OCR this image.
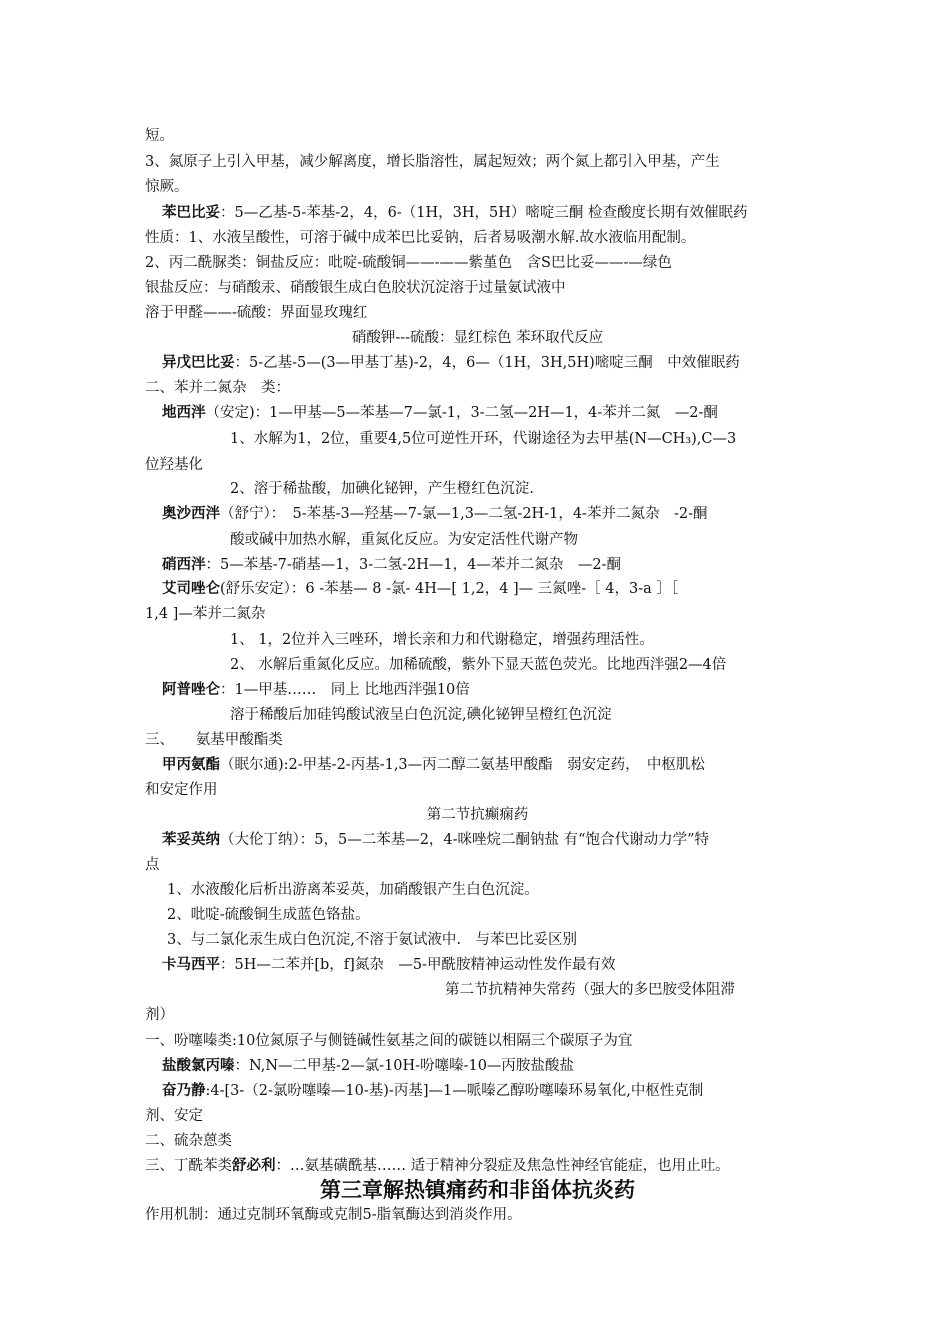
短。
3、氮原子上引入甲基，减少解离度，增长脂溶性，属起短效；两个氮上都引入甲基，产生
惊厥。
苯巴比妥：5—乙基-5-苯基-2，4，6-（1H，3H，5H）嘧啶三酮 检查酸度长期有效催眠药
性质：1、水液呈酸性，可溶于碱中成苯巴比妥钠，后者易吸潮水解.故水液临用配制。
2、丙二酰脲类：铜盐反应：吡啶-硫酸铜——-——紫堇色　含S巴比妥——-—绿色
银盐反应：与硝酸汞、硝酸银生成白色胶状沉淀溶于过量氨试液中
溶于甲醛——-硫酸：界面显玫瑰红
硝酸钾---硫酸：显红棕色 苯环取代反应
异戊巴比妥：5-乙基-5—(3—甲基丁基)-2，4，6—（1H，3H,5H)嘧啶三酮　中效催眠药
二、苯并二氮杂　类：
地西泮（安定)：1—甲基—5—苯基—7—氯-1，3-二氢—2H—1，4-苯并二氮　—2-酮
1、水解为1，2位，重要4,5位可逆性开环，代谢途径为去甲基(N—CH₃),C—3
位羟基化
2、溶于稀盐酸，加碘化铋钾，产生橙红色沉淀.
奥沙西泮（舒宁）：　5-苯基-3—羟基—7-氯—1,3—二氢-2H-1，4-苯并二氮杂　-2-酮
酸或碱中加热水解，重氮化反应。为安定活性代谢产物
硝西泮：5—苯基-7-硝基—1，3-二氢-2H—1，4—苯并二氮杂　—2-酮
艾司唑仑(舒乐安定）：6 -苯基— 8 -氯- 4H—[ 1,2，4 ]— 三氮唑-［ 4，3-a ］［
1,4 ]—苯并二氮杂
1、 1，2位并入三唑环，增长亲和力和代谢稳定，增强药理活性。
2、 水解后重氮化反应。加稀硫酸，紫外下显天蓝色荧光。比地西泮强2—4倍
阿普唑仑：1—甲基……　同上 比地西泮强10倍
溶于稀酸后加硅钨酸试液呈白色沉淀,碘化铋钾呈橙红色沉淀
三、　　氨基甲酸酯类
甲丙氨酯（眠尔通):2-甲基-2-丙基-1,3—丙二醇二氨基甲酸酯　弱安定药，　中枢肌松
和安定作用
第二节抗癫痫药
苯妥英纳（大伦丁纳）：5，5—二苯基—2，4-咪唑烷二酮钠盐 有“饱合代谢动力学”特
点
1、水液酸化后析出游离苯妥英，加硝酸银产生白色沉淀。
2、吡啶-硫酸铜生成蓝色铬盐。
3、与二氯化汞生成白色沉淀,不溶于氨试液中.　与苯巴比妥区别
卡马西平：5H—二苯并[b，f]氮杂　—5-甲酰胺精神运动性发作最有效
第二节抗精神失常药（强大的多巴胺受体阻滞
剂）
一、吩噻嗪类:10位氮原子与侧链碱性氨基之间的碳链以相隔三个碳原子为宜
盐酸氯丙嗪：N,N—二甲基-2—氯-10H-吩噻嗪-10—丙胺盐酸盐
奋乃静:4-[3-（2-氯吩噻嗪—10-基)-丙基]—1—哌嗪乙醇吩噻嗪环易氧化,中枢性克制
剂、安定
二、硫杂蒽类
三、丁酰苯类舒必利：…氨基磺酰基…… 适于精神分裂症及焦急性神经官能症，也用止吐。
第三章解热镇痛药和非甾体抗炎药
作用机制：通过克制环氧酶或克制5-脂氧酶达到消炎作用。
